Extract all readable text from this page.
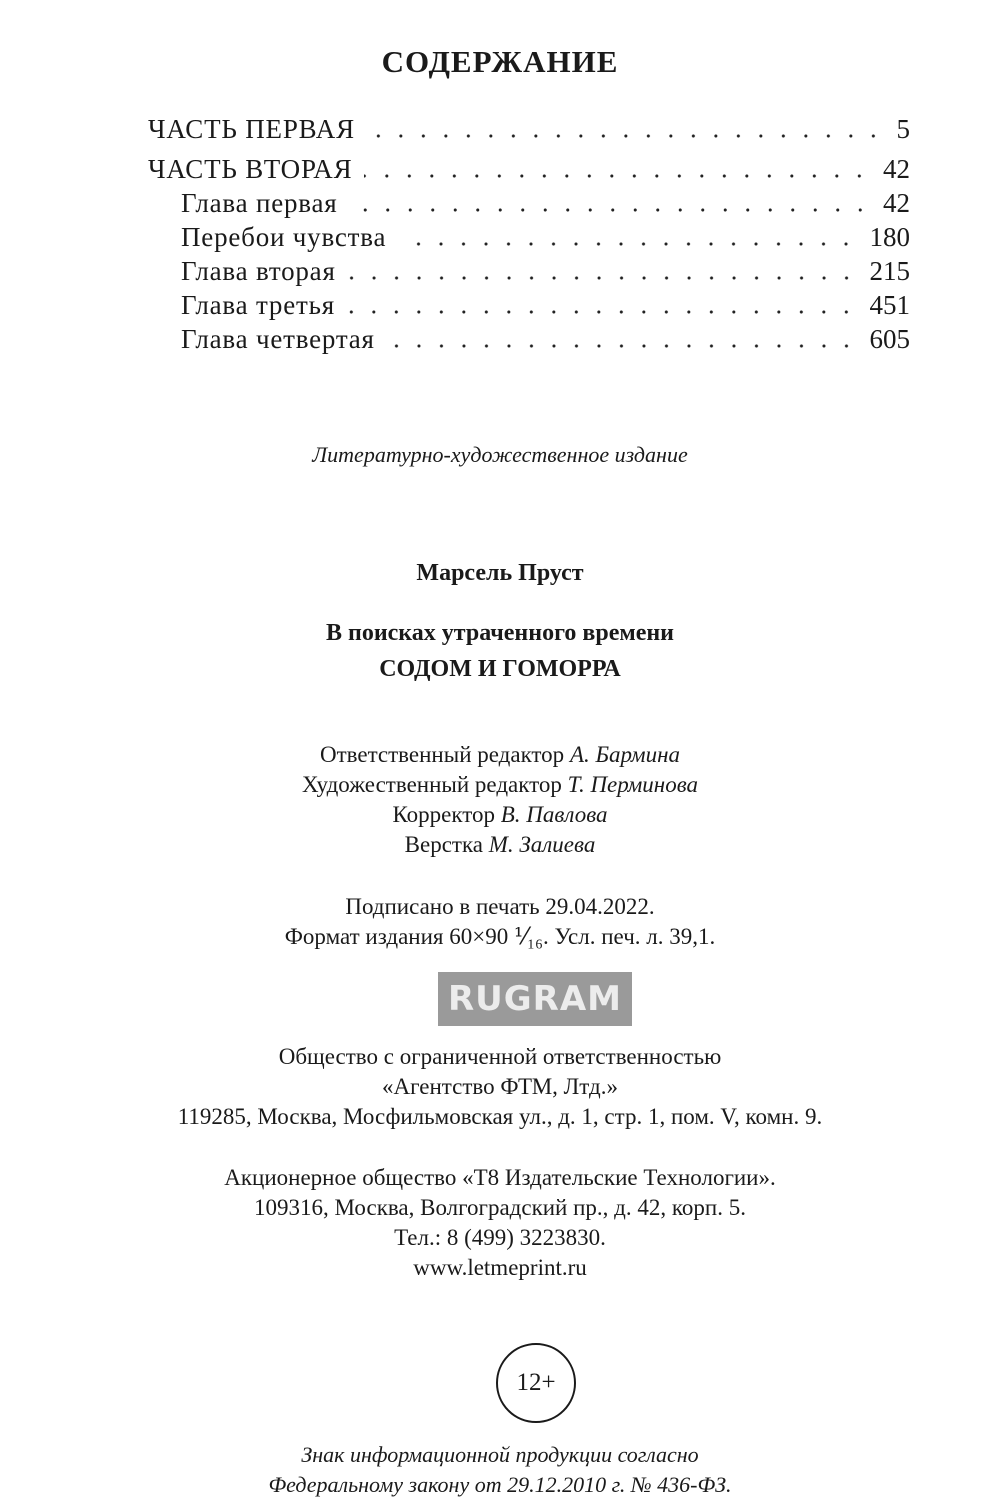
СОДЕРЖАНИЕ
ЧАСТЬ ПЕРВАЯ	5
ЧАСТЬ ВТОРАЯ	42
Глава первая	42
Перебои чувства	180
Глава вторая	215
Глава третья	451
Глава четвертая	605
Литературно-художественное издание
Марсель Пруст
В поисках утраченного времени
СОДОМ И ГОМОРРА
Ответственный редактор А. Бармина
Художественный редактор Т. Перминова
Корректор В. Павлова
Верстка М. Залиева
Подписано в печать 29.04.2022.
Формат издания 60×90 ⅟₁₆. Усл. печ. л. 39,1.
RUGRAM
Общество с ограниченной ответственностью
«Агентство ФТМ, Лтд.»
119285, Москва, Мосфильмовская ул., д. 1, стр. 1, пом. V, комн. 9.
Акционерное общество «Т8 Издательские Технологии».
109316, Москва, Волгоградский пр., д. 42, корп. 5.
Тел.: 8 (499) 3223830.
www.letmeprint.ru
12+
Знак информационной продукции согласно
Федеральному закону от 29.12.2010 г. № 436-ФЗ.
